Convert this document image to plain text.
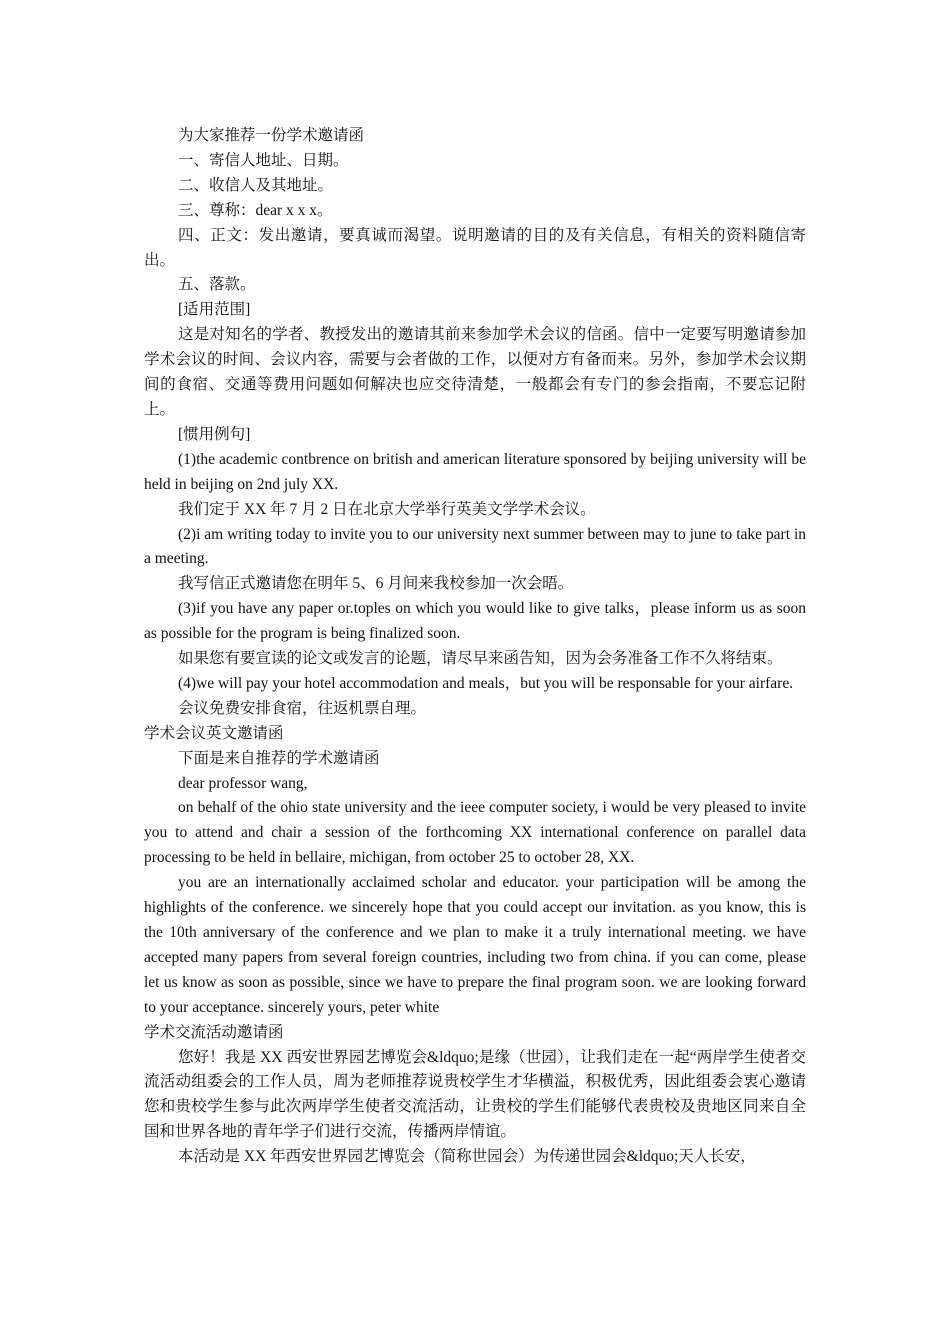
为大家推荐一份学术邀请函

一、寄信人地址、日期。

二、收信人及其地址。

三、尊称：dear x x x。

四、正文：发出邀请，要真诚而渴望。说明邀请的目的及有关信息，有相关的资料随信寄出。

五、落款。

[适用范围]

这是对知名的学者、教授发出的邀请其前来参加学术会议的信函。信中一定要写明邀请参加学术会议的时间、会议内容，需要与会者做的工作，以便对方有备而来。另外，参加学术会议期间的食宿、交通等费用问题如何解决也应交待清楚，一般都会有专门的参会指南，不要忘记附上。

[惯用例句]

(1)the academic contbrence on british and american literature sponsored by beijing university will be held in beijing on 2nd july XX.

我们定于 XX 年 7 月 2 日在北京大学举行英美文学学术会议。

(2)i am writing today to invite you to our university next summer between may to june to take part in a meeting.

我写信正式邀请您在明年 5、6 月间来我校参加一次会晤。

(3)if you have any paper or.toples on which you would like to give talks，please inform us as soon as possible for the program is being finalized soon.

如果您有要宣读的论文或发言的论题，请尽早来函告知，因为会务准备工作不久将结束。

(4)we will pay your hotel accommodation and meals，but you will be responsable for your airfare.

会议免费安排食宿，往返机票自理。

学术会议英文邀请函

下面是来自推荐的学术邀请函

dear professor wang,

on behalf of the ohio state university and the ieee computer society, i would be very pleased to invite you to attend and chair a session of the forthcoming XX international conference on parallel data processing to be held in bellaire, michigan, from october 25 to october 28, XX.

you are an internationally acclaimed scholar and educator. your participation will be among the highlights of the conference. we sincerely hope that you could accept our invitation. as you know, this is the 10th anniversary of the conference and we plan to make it a truly international meeting. we have accepted many papers from several foreign countries, including two from china. if you can come, please let us know as soon as possible, since we have to prepare the final program soon. we are looking forward to your acceptance. sincerely yours, peter white

学术交流活动邀请函

您好！我是 XX 西安世界园艺博览会&ldquo;是缘（世园），让我们走在一起“两岸学生使者交流活动组委会的工作人员，周为老师推荐说贵校学生才华横溢，积极优秀，因此组委会衷心邀请您和贵校学生参与此次两岸学生使者交流活动，让贵校的学生们能够代表贵校及贵地区同来自全国和世界各地的青年学子们进行交流，传播两岸情谊。

本活动是 XX 年西安世界园艺博览会（简称世园会）为传递世园会&ldquo;天人长安，
